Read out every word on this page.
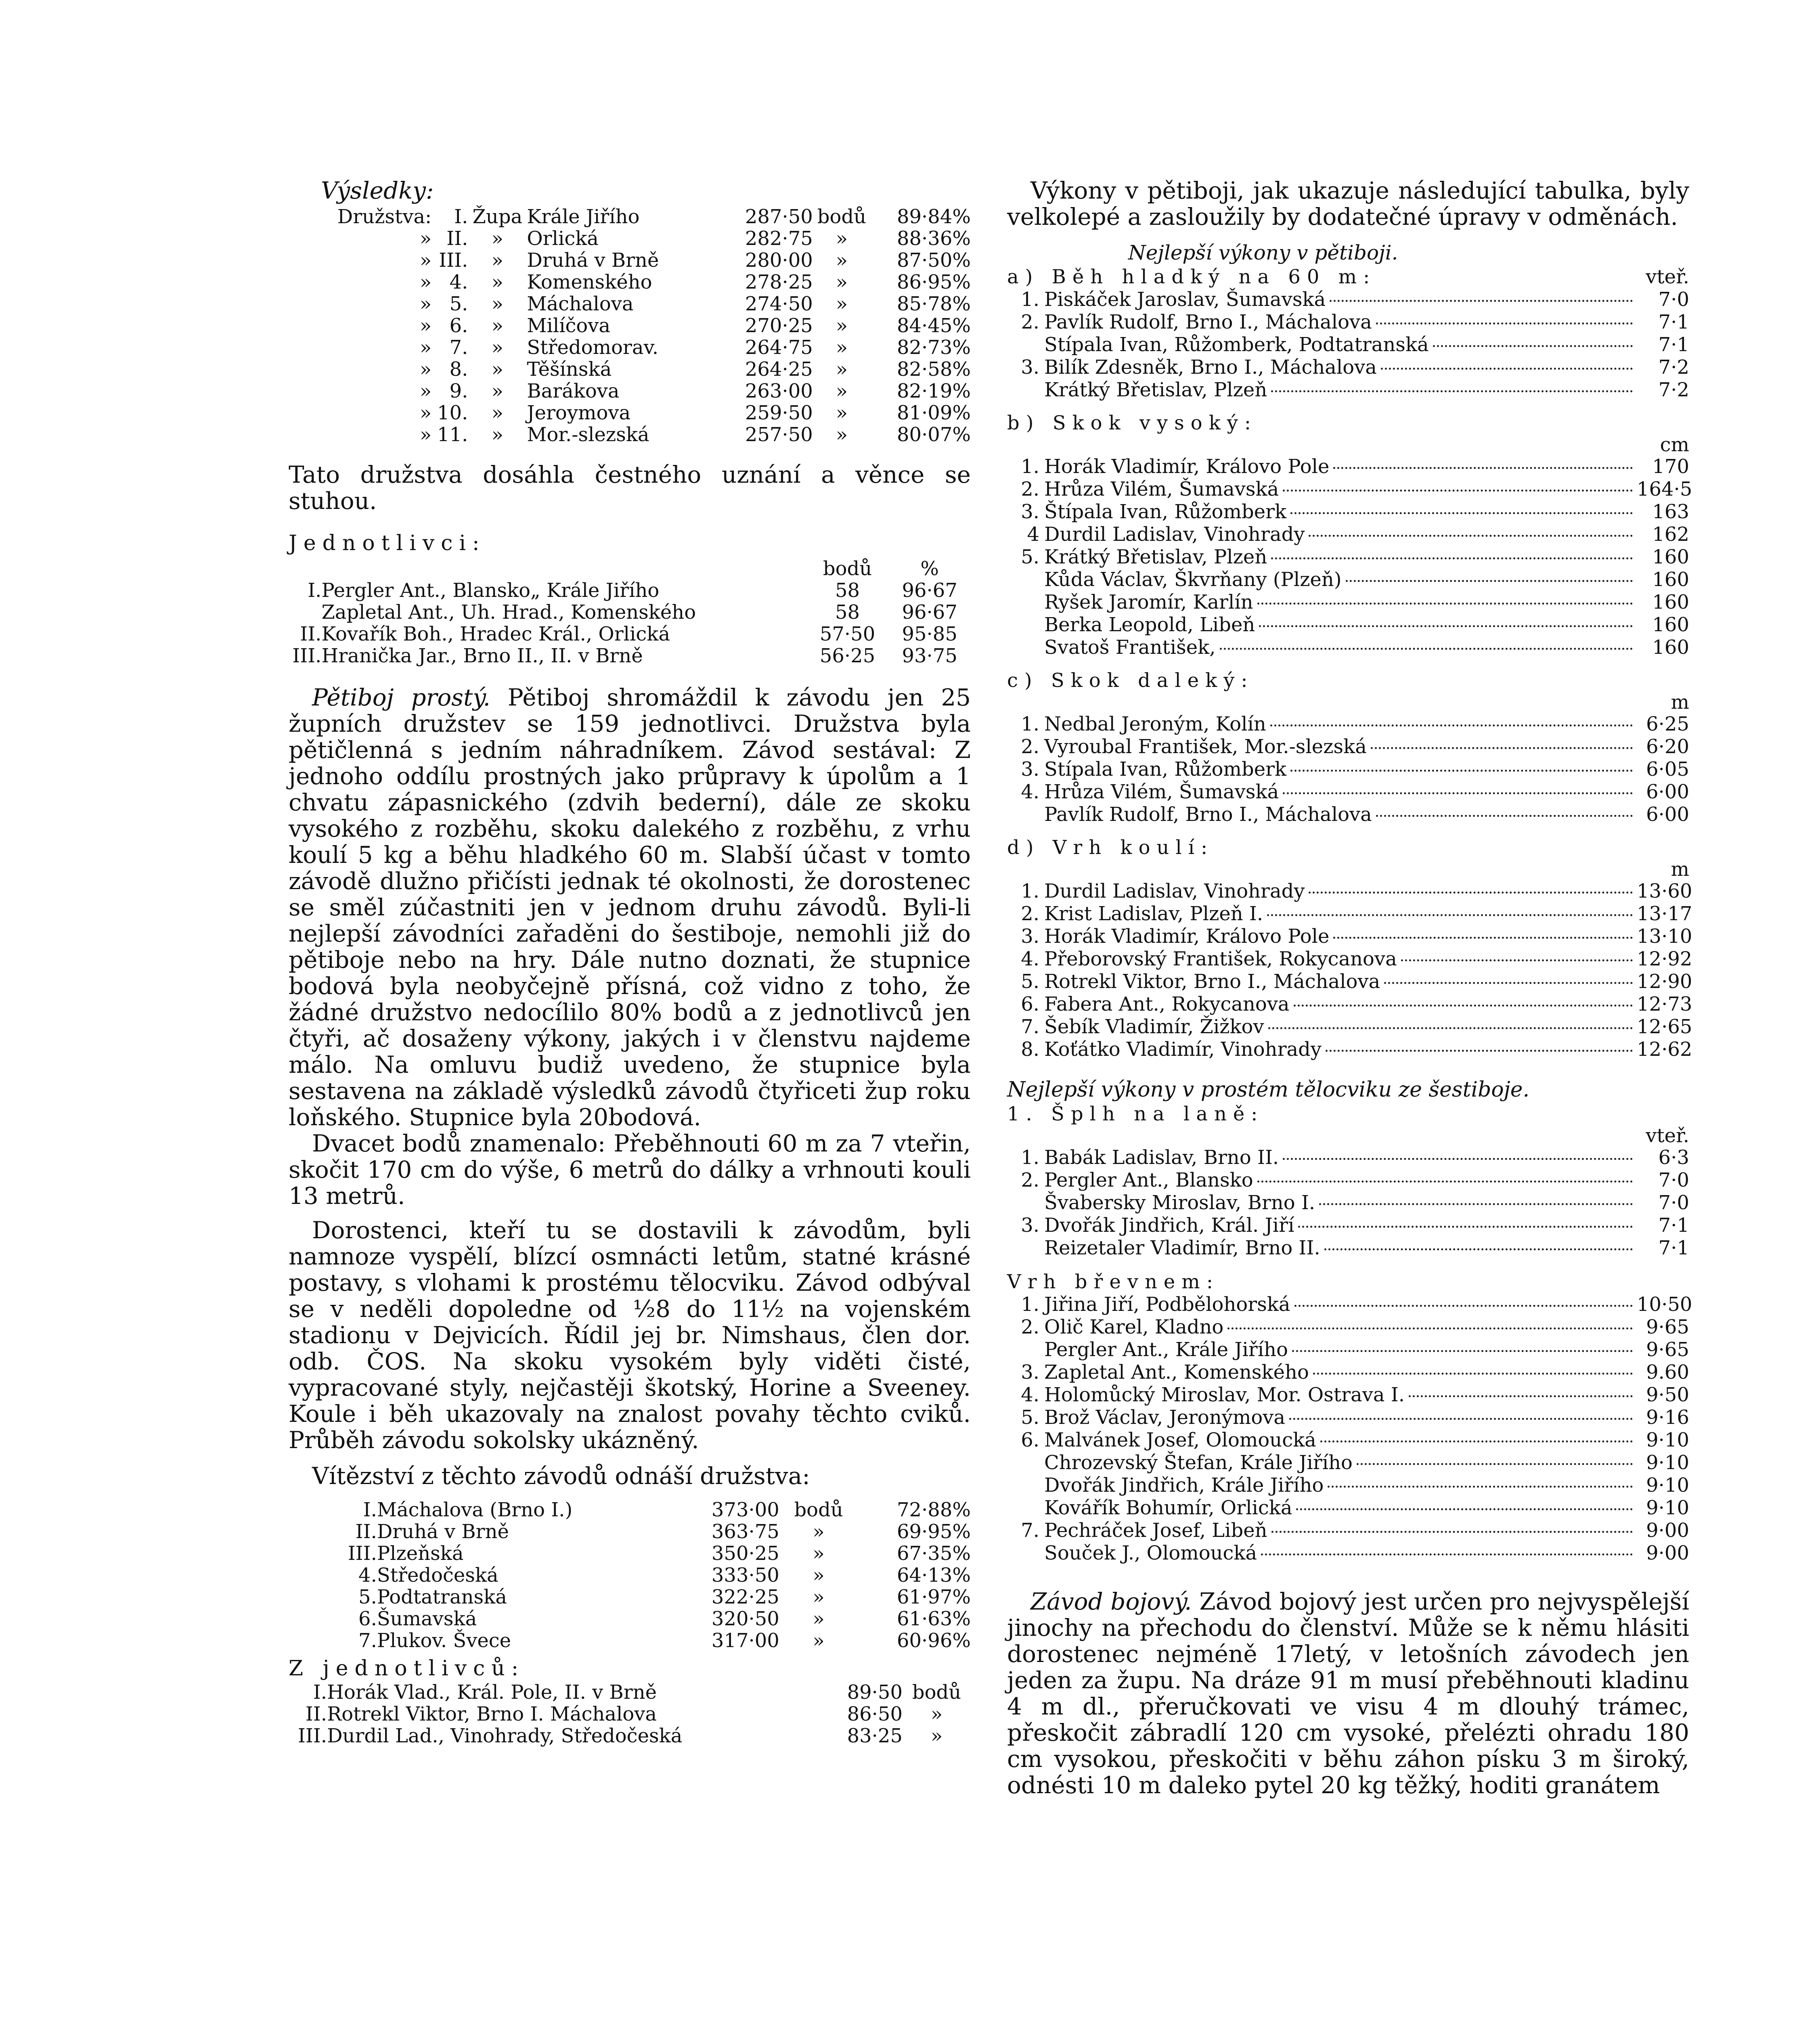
Výsledky:

Družstva:	I.	Župa	Krále Jiřího	287·50	bodů	89·84%
»	II.	»	Orlická	282·75	»	88·36%
»	III.	»	Druhá v Brně	280·00	»	87·50%
»	4.	»	Komenského	278·25	»	86·95%
»	5.	»	Máchalova	274·50	»	85·78%
»	6.	»	Milíčova	270·25	»	84·45%
»	7.	»	Středomorav.	264·75	»	82·73%
»	8.	»	Těšínská	264·25	»	82·58%
»	9.	»	Barákova	263·00	»	82·19%
»	10.	»	Jeroymova	259·50	»	81·09%
»	11.	»	Mor.-slezská	257·50	»	80·07%

Tato družstva dosáhla čestného uznání a věnce se stuhou.

Jednotlivci:

		bodů	%
I.	Pergler Ant., Blansko„ Krále Jiřího	58	96·67
	Zapletal Ant., Uh. Hrad., Komenského	58	96·67
II.	Kovařík Boh., Hradec Král., Orlická	57·50	95·85
III.	Hranička Jar., Brno II., II. v Brně	56·25	93·75

Pětiboj prostý. Pětiboj shromáždil k závodu jen 25 župních družstev se 159 jednotlivci. Družstva byla pětičlenná s jedním náhradníkem. Závod sestával: Z jednoho oddílu prostných jako průpravy k úpolům a 1 chvatu zápasnického (zdvih bederní), dále ze skoku vysokého z rozběhu, skoku dalekého z rozběhu, z vrhu koulí 5 kg a běhu hladkého 60 m. Slabší účast v tomto závodě dlužno přičísti jednak té okolnosti, že dorostenec se směl zúčastniti jen v jednom druhu závodů. Byli-li nejlepší závodníci zařaděni do šestiboje, nemohli již do pětiboje nebo na hry. Dále nutno doznati, že stupnice bodová byla neobyčejně přísná, což vidno z toho, že žádné družstvo nedocílilo 80% bodů a z jednotlivců jen čtyři, ač dosaženy výkony, jakých i v členstvu najdeme málo. Na omluvu budiž uvedeno, že stupnice byla sestavena na základě výsledků závodů čtyřiceti žup roku loňského. Stupnice byla 20bodová.

Dvacet bodů znamenalo: Přeběhnouti 60 m za 7 vteřin, skočit 170 cm do výše, 6 metrů do dálky a vrhnouti kouli 13 metrů.

Dorostenci, kteří tu se dostavili k závodům, byli namnoze vyspělí, blízcí osmnácti letům, statné krásné postavy, s vlohami k prostému tělocviku. Závod odbýval se v neděli dopoledne od ½8 do 11½ na vojenském stadionu v Dejvicích. Řídil jej br. Nimshaus, člen dor. odb. ČOS. Na skoku vysokém byly viděti čisté, vypracované styly, nejčastěji škotský, Horine a Sveeney. Koule i běh ukazovaly na znalost povahy těchto cviků. Průběh závodu sokolsky ukázněný.

Vítězství z těchto závodů odnáší družstva:

I.	Máchalova (Brno I.)	373·00	bodů	72·88%
II.	Druhá v Brně	363·75	»	69·95%
III.	Plzeňská	350·25	»	67·35%
4.	Středočeská	333·50	»	64·13%
5.	Podtatranská	322·25	»	61·97%
6.	Šumavská	320·50	»	61·63%
7.	Plukov. Švece	317·00	»	60·96%

Z jednotlivců:

I.	Horák Vlad., Král. Pole, II. v Brně	89·50	bodů
II.	Rotrekl Viktor, Brno I. Máchalova	86·50	»
III.	Durdil Lad., Vinohrady, Středočeská	83·25	»

Výkony v pětiboji, jak ukazuje následující tabulka, byly velkolepé a zasloužily by dodatečné úpravy v odměnách.

Nejlepší výkony v pětiboji.

a) Běh hladký na 60 m:	vteř.
1. Piskáček Jaroslav, Šumavská	7·0
2. Pavlík Rudolf, Brno I., Máchalova	7·1
Stípala Ivan, Růžomberk, Podtatranská	7·1
3. Bilík Zdesněk, Brno I., Máchalova	7·2
Krátký Břetislav, Plzeň	7·2
b) Skok vysoký:
cm
1. Horák Vladimír, Královo Pole	170
2. Hrůza Vilém, Šumavská	164·5
3. Štípala Ivan, Růžomberk	163
4 Durdil Ladislav, Vinohrady	162
5. Krátký Břetislav, Plzeň	160
Kůda Václav, Škvrňany (Plzeň)	160
Ryšek Jaromír, Karlín	160
Berka Leopold, Libeň	160
Svatoš František,	160
c) Skok daleký:
m
1. Nedbal Jeroným, Kolín	6·25
2. Vyroubal František, Mor.-slezská	6·20
3. Stípala Ivan, Růžomberk	6·05
4. Hrůza Vilém, Šumavská	6·00
Pavlík Rudolf, Brno I., Máchalova	6·00
d) Vrh koulí:
m
1. Durdil Ladislav, Vinohrady	13·60
2. Krist Ladislav, Plzeň I.	13·17
3. Horák Vladimír, Královo Pole	13·10
4. Přeborovský František, Rokycanova	12·92
5. Rotrekl Viktor, Brno I., Máchalova	12·90
6. Fabera Ant., Rokycanova	12·73
7. Šebík Vladimír, Žižkov	12·65
8. Koťátko Vladimír, Vinohrady	12·62

Nejlepší výkony v prostém tělocviku ze šestiboje.

1. Šplh na laně:
vteř.
1. Babák Ladislav, Brno II.	6·3
2. Pergler Ant., Blansko	7·0
Švabersky Miroslav, Brno I.	7·0
3. Dvořák Jindřich, Král. Jiří	7·1
Reizetaler Vladimír, Brno II.	7·1
Vrh břevnem:
1. Jiřina Jiří, Podbělohorská	10·50
2. Olič Karel, Kladno	9·65
Pergler Ant., Krále Jiřího	9·65
3. Zapletal Ant., Komenského	9.60
4. Holomůcký Miroslav, Mor. Ostrava I.	9·50
5. Brož Václav, Jeronýmova	9·16
6. Malvánek Josef, Olomoucká	9·10
Chrozevský Štefan, Krále Jiřího	9·10
Dvořák Jindřich, Krále Jiřího	9·10
Kovářík Bohumír, Orlická	9·10
7. Pechráček Josef, Libeň	9·00
Souček J., Olomoucká	9·00

Závod bojový. Závod bojový jest určen pro nejvyspělejší jinochy na přechodu do členství. Může se k němu hlásiti dorostenec nejméně 17letý, v letošních závodech jen jeden za župu. Na dráze 91 m musí přeběhnouti kladinu 4 m dl., přeručkovati ve visu 4 m dlouhý trámec, přeskočit zábradlí 120 cm vysoké, přelézti ohradu 180 cm vysokou, přeskočiti v běhu záhon písku 3 m široký, odnésti 10 m daleko pytel 20 kg těžký, hoditi granátem
